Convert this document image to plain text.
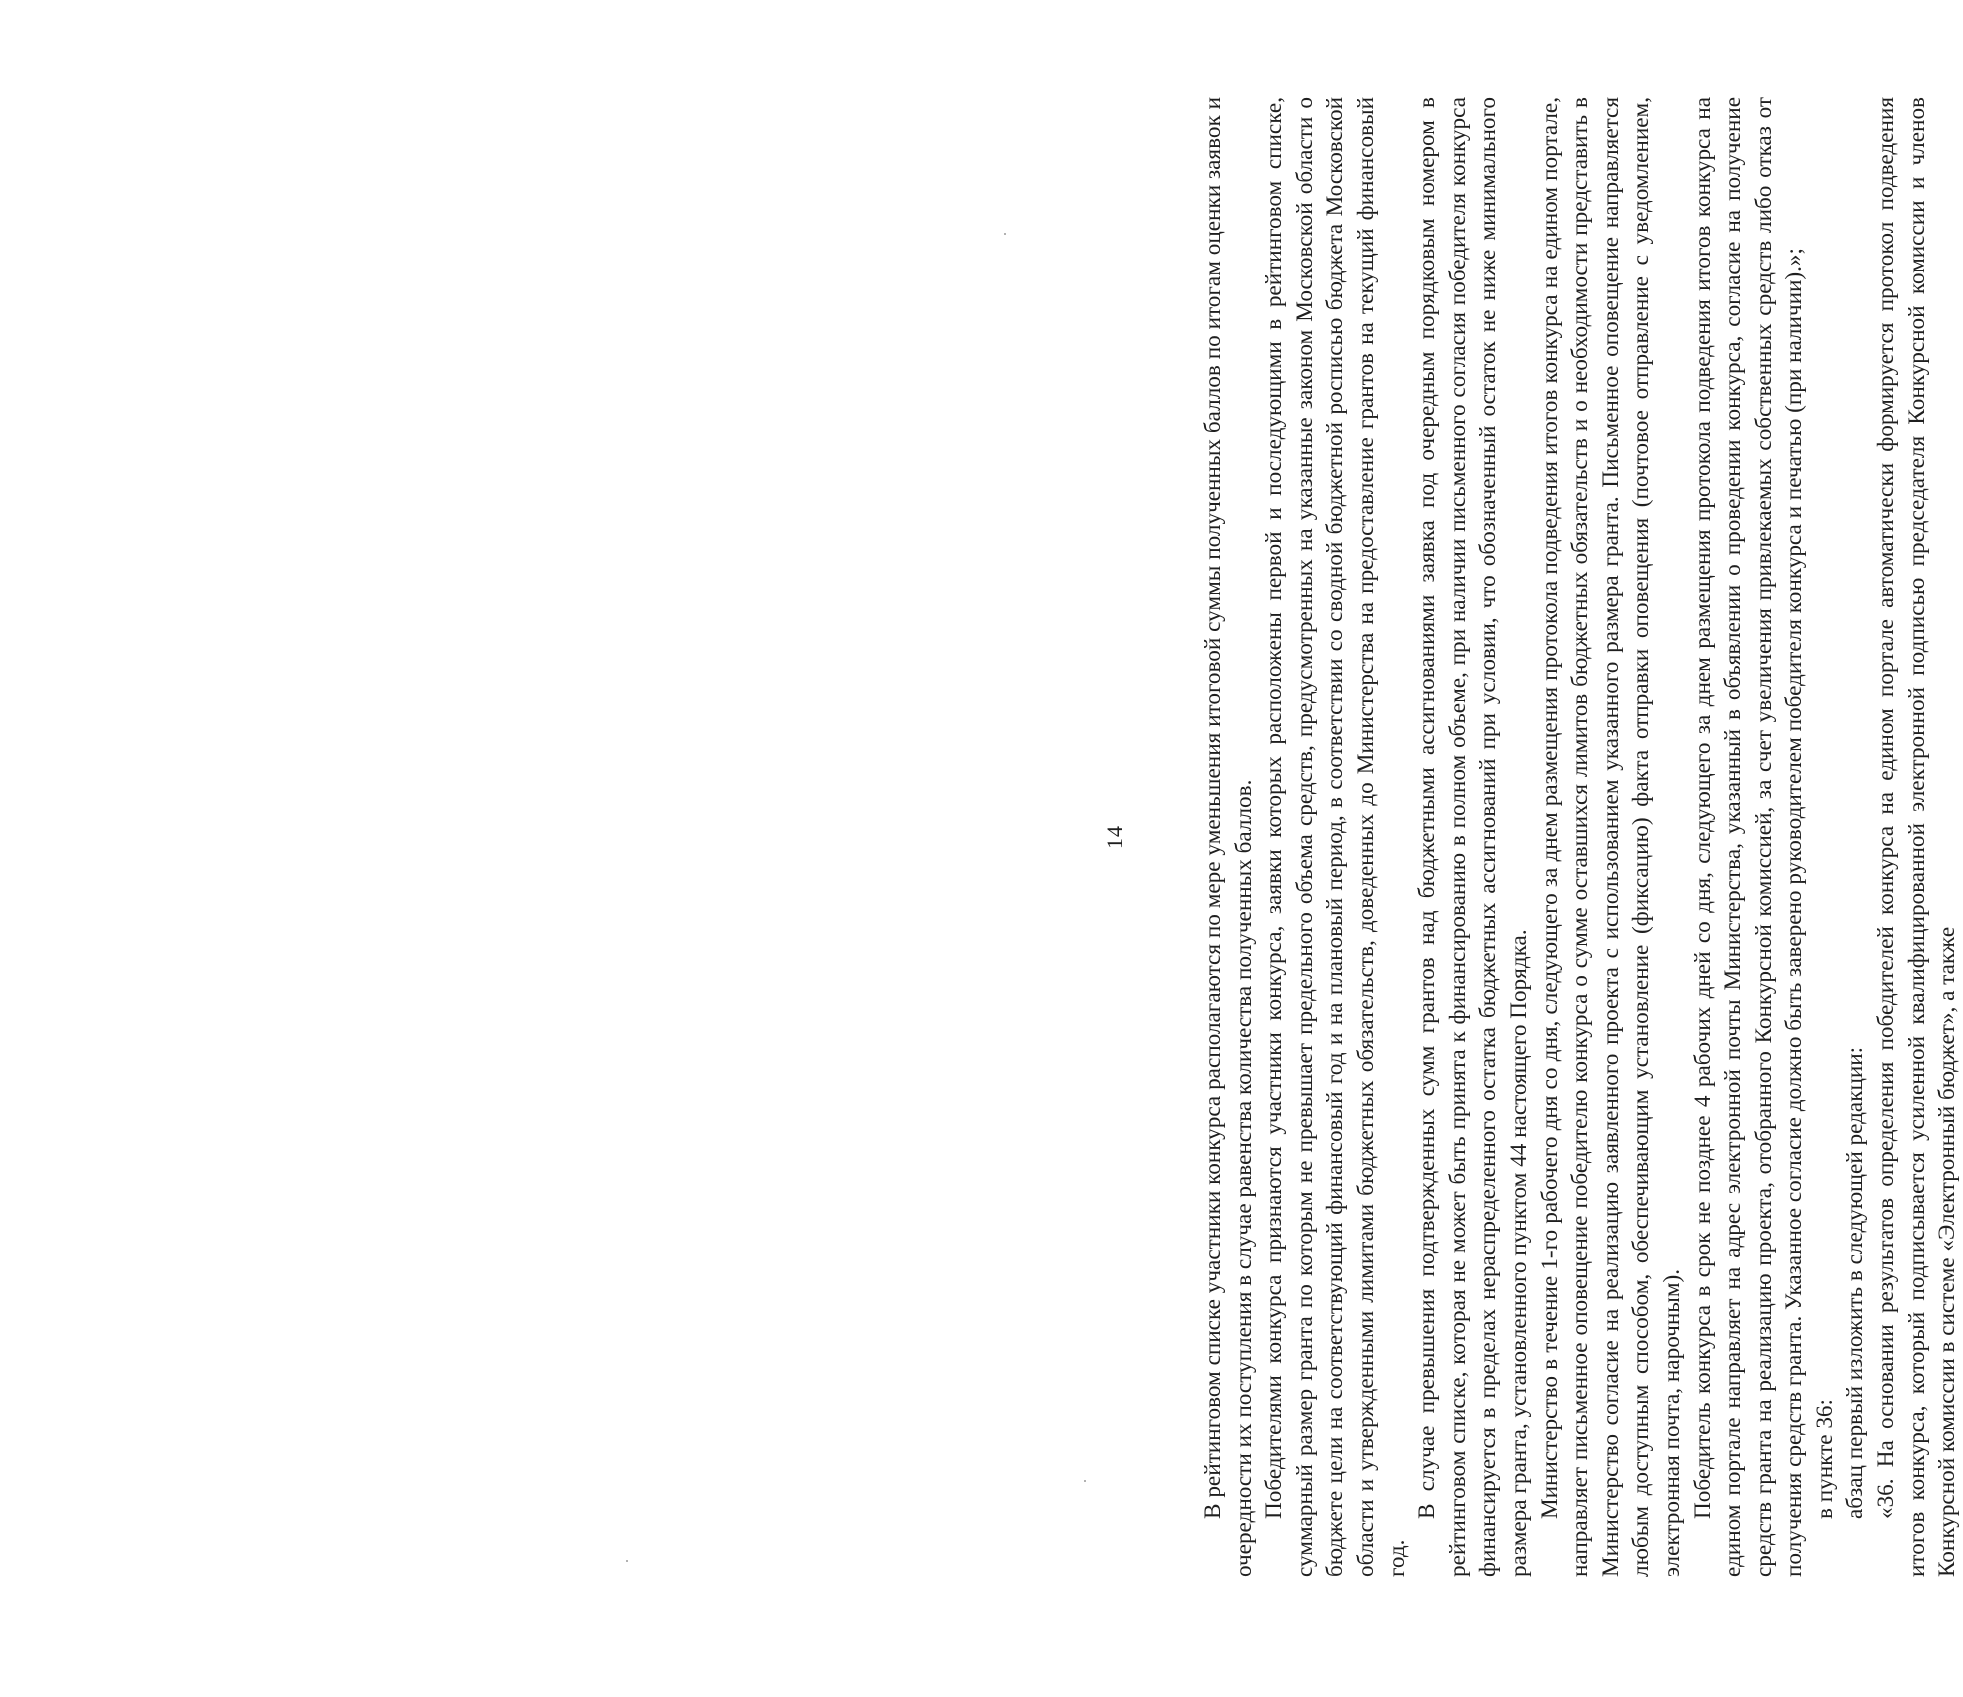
14	В рейтинговом списке участники конкурса располагаются по мере уменьшения итоговой суммы полученных баллов по итогам оценки заявок и очередности их поступления в случае равенства количества полученных баллов. Победителями конкурса признаются участники конкурса, заявки которых расположены первой и последующими в рейтинговом списке, суммарный размер гранта по которым не превышает предельного объема средств, предусмотренных на указанные законом Московской области о бюджете цели на соответствующий финансовый год и на плановый период, в соответствии со сводной бюджетной росписью бюджета Московской области и утвержденными лимитами бюджетных обязательств, доведенных до Министерства на предоставление грантов на текущий финансовый год.

В случае превышения подтвержденных сумм грантов над бюджетными ассигнованиями заявка под очередным порядковым номером в рейтинговом списке, которая не может быть принята к финансированию в полном объеме, при наличии письменного согласия победителя конкурса финансируется в пределах нераспределенного остатка бюджетных ассигнований при условии, что обозначенный остаток не ниже минимального размера гранта, установленного пунктом 44 настоящего Порядка. Министерство в течение 1-го рабочего дня со дня, следующего за днем размещения протокола подведения итогов конкурса на едином портале, направляет письменное оповещение победителю конкурса о сумме оставшихся лимитов бюджетных обязательств и о необходимости представить в Министерство согласие на реализацию заявленного проекта с использованием указанного размера гранта. Письменное оповещение направляется любым доступным способом, обеспечивающим установление (фиксацию) факта отправки оповещения (почтовое отправление с уведомлением, электронная почта, нарочным). Победитель конкурса в срок не позднее 4 рабочих дней со дня, следующего за днем размещения протокола подведения итогов конкурса на едином портале направляет на адрес электронной почты Министерства, указанный в объявлении о проведении конкурса, согласие на получение средств гранта на реализацию проекта, отобранного Конкурсной комиссией, за счет увеличения привлекаемых собственных средств либо отказ от получения средств гранта. Указанное согласие должно быть заверено руководителем победителя конкурса и печатью (при наличии).»; в пункте 36: абзац первый изложить в следующей редакции: «36. На основании результатов определения победителей конкурса на едином портале автоматически формируется протокол подведения итогов конкурса, который подписывается усиленной квалифицированной электронной подписью председателя Конкурсной комиссии и членов Конкурсной комиссии в системе «Электронный бюджет», а также
